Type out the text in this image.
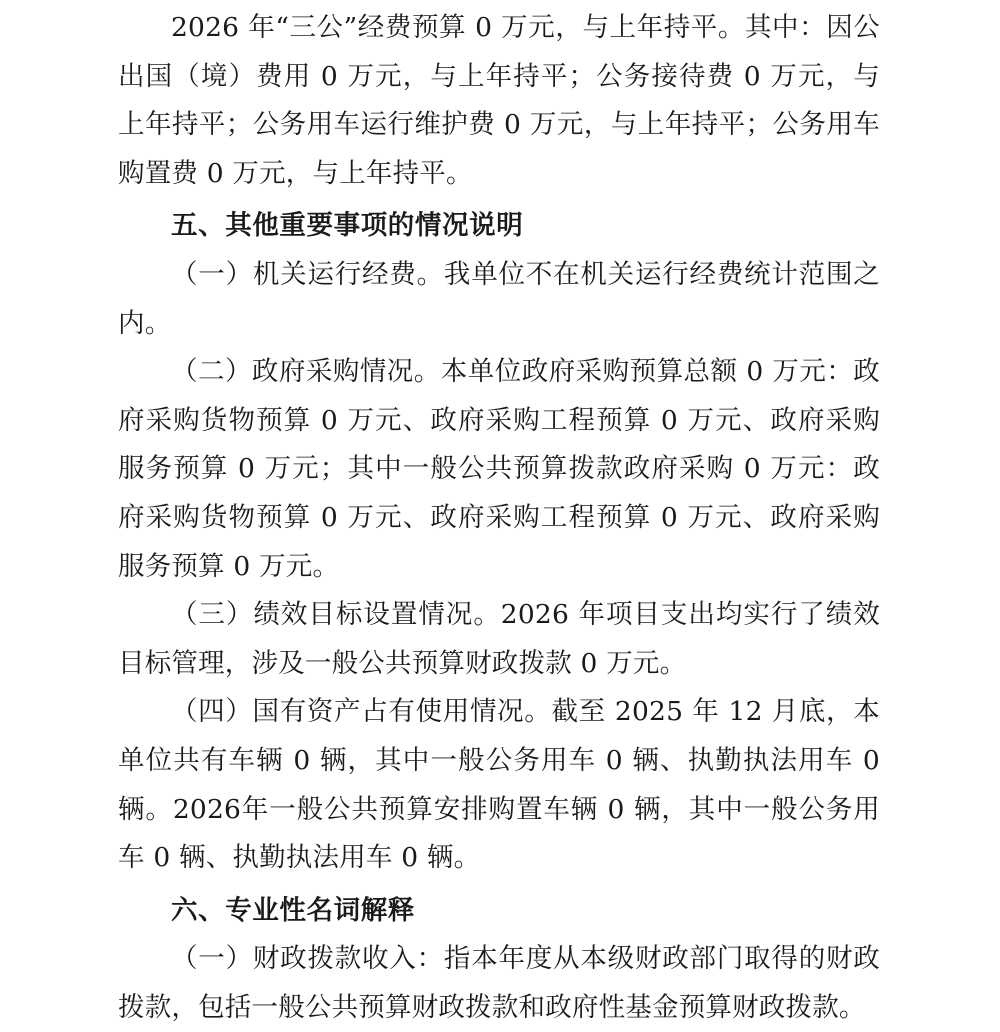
2026 年“三公”经费预算 0 万元，与上年持平。其中：因公出国（境）费用 0 万元，与上年持平；公务接待费 0 万元，与上年持平；公务用车运行维护费 0 万元，与上年持平；公务用车购置费 0 万元，与上年持平。

五、其他重要事项的情况说明

（一）机关运行经费。我单位不在机关运行经费统计范围之内。

（二）政府采购情况。本单位政府采购预算总额 0 万元：政府采购货物预算 0 万元、政府采购工程预算 0 万元、政府采购服务预算 0 万元；其中一般公共预算拨款政府采购 0 万元：政府采购货物预算 0 万元、政府采购工程预算 0 万元、政府采购服务预算 0 万元。

（三）绩效目标设置情况。2026 年项目支出均实行了绩效目标管理，涉及一般公共预算财政拨款 0 万元。

（四）国有资产占有使用情况。截至 2025 年 12 月底，本单位共有车辆 0 辆，其中一般公务用车 0 辆、执勤执法用车 0 辆。2026年一般公共预算安排购置车辆 0 辆，其中一般公务用车 0 辆、执勤执法用车 0 辆。

六、专业性名词解释

（一）财政拨款收入：指本年度从本级财政部门取得的财政拨款，包括一般公共预算财政拨款和政府性基金预算财政拨款。
